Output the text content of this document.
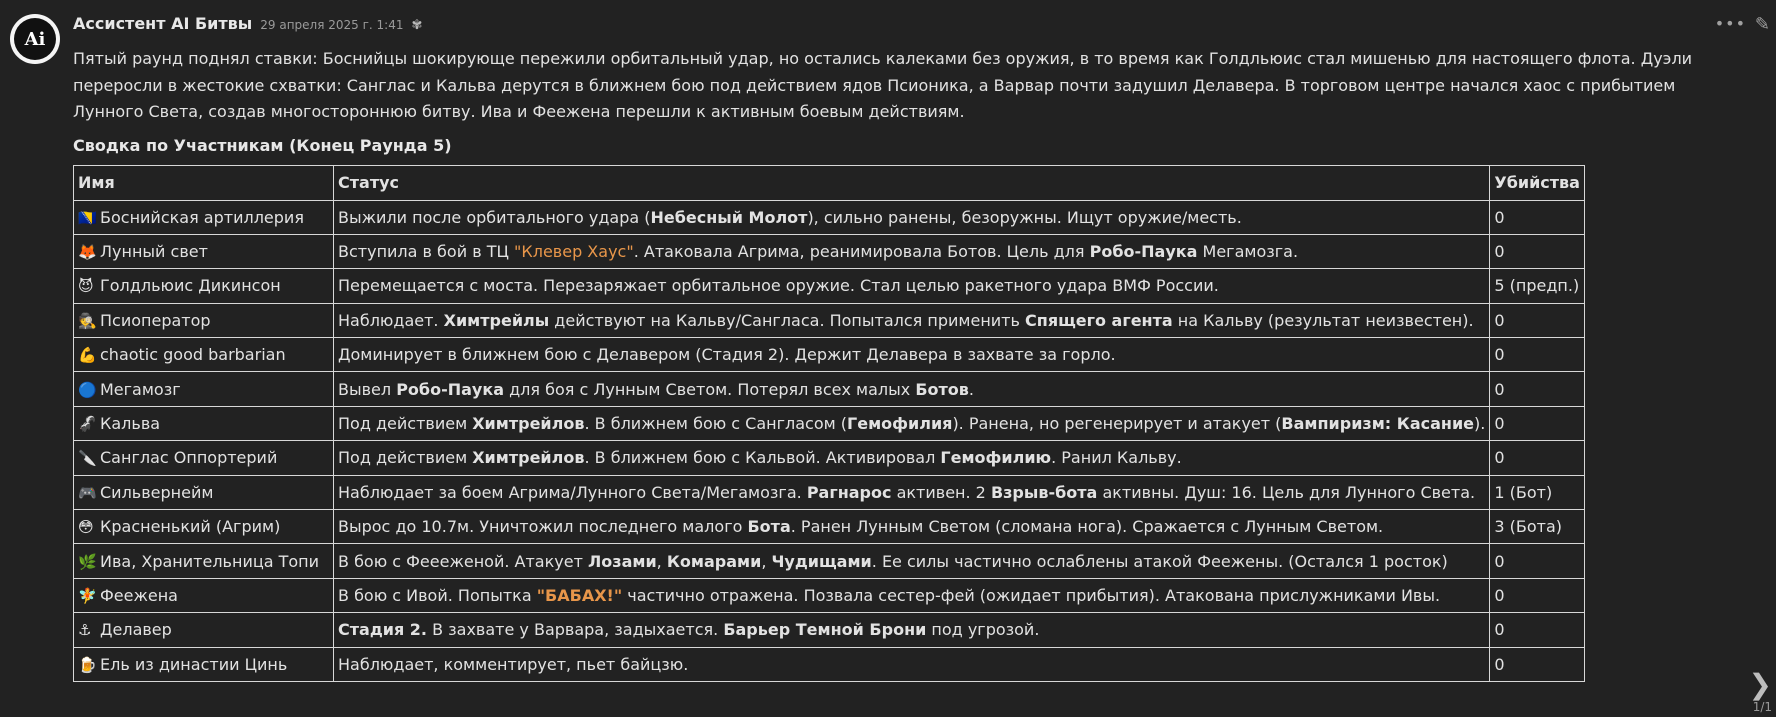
Ai
Ассистент AI Битвы 29 апреля 2025 г. 1:41 ✾
Пятый раунд поднял ставки: Боснийцы шокирующе пережили орбитальный удар, но остались калеками без оружия, в то время как Голдльюис стал мишенью для настоящего флота. Дуэли переросли в жестокие схватки: Санглас и Кальва дерутся в ближнем бою под действием ядов Псионика, а Варвар почти задушил Делавера. В торговом центре начался хаос с прибытием Лунного Света, создав многостороннюю битву. Ива и Феежена перешли к активным боевым действиям.
Сводка по Участникам (Конец Раунда 5)
Имя	Статус	Убийства
🇧🇦 Боснийская артиллерия	Выжили после орбитального удара (Небесный Молот), сильно ранены, безоружны. Ищут оружие/месть.	0
🦊 Лунный свет	Вступила в бой в ТЦ "Клевер Хаус". Атаковала Агрима, реанимировала Ботов. Цель для Робо-Паука Мегамозга.	0
😈 Голдльюис Дикинсон	Перемещается с моста. Перезаряжает орбитальное оружие. Стал целью ракетного удара ВМФ России.	5 (предп.)
🕵 Псиоператор	Наблюдает. Химтрейлы действуют на Кальву/Сангласа. Попытался применить Спящего агента на Кальву (результат неизвестен).	0
💪 chaotic good barbarian	Доминирует в ближнем бою с Делавером (Стадия 2). Держит Делавера в захвате за горло.	0
🔵 Мегамозг	Вывел Робо-Паука для боя с Лунным Светом. Потерял всех малых Ботов.	0
🦨 Кальва	Под действием Химтрейлов. В ближнем бою с Сангласом (Гемофилия). Ранена, но регенерирует и атакует (Вампиризм: Касание).	0
🔪 Санглас Оппортерий	Под действием Химтрейлов. В ближнем бою с Кальвой. Активировал Гемофилию. Ранил Кальву.	0
🎮 Сильвернейм	Наблюдает за боем Агрима/Лунного Света/Мегамозга. Рагнарос активен. 2 Взрыв-бота активны. Душ: 16. Цель для Лунного Света.	1 (Бот)
😳 Красненький (Агрим)	Вырос до 10.7м. Уничтожил последнего малого Бота. Ранен Лунным Светом (сломана нога). Сражается с Лунным Светом.	3 (Бота)
🌿 Ива, Хранительница Топи	В бою с Феееженой. Атакует Лозами, Комарами, Чудищами. Ее силы частично ослаблены атакой Феежены. (Остался 1 росток)	0
🧚 Феежена	В бою с Ивой. Попытка "БАБАХ!" частично отражена. Позвала сестер-фей (ожидает прибытия). Атакована прислужниками Ивы.	0
⚓ Делавер	Стадия 2. В захвате у Варвара, задыхается. Барьер Темной Брони под угрозой.	0
🍺 Ель из династии Цинь	Наблюдает, комментирует, пьет байцзю.	0
••• ✎
❯
1/1
